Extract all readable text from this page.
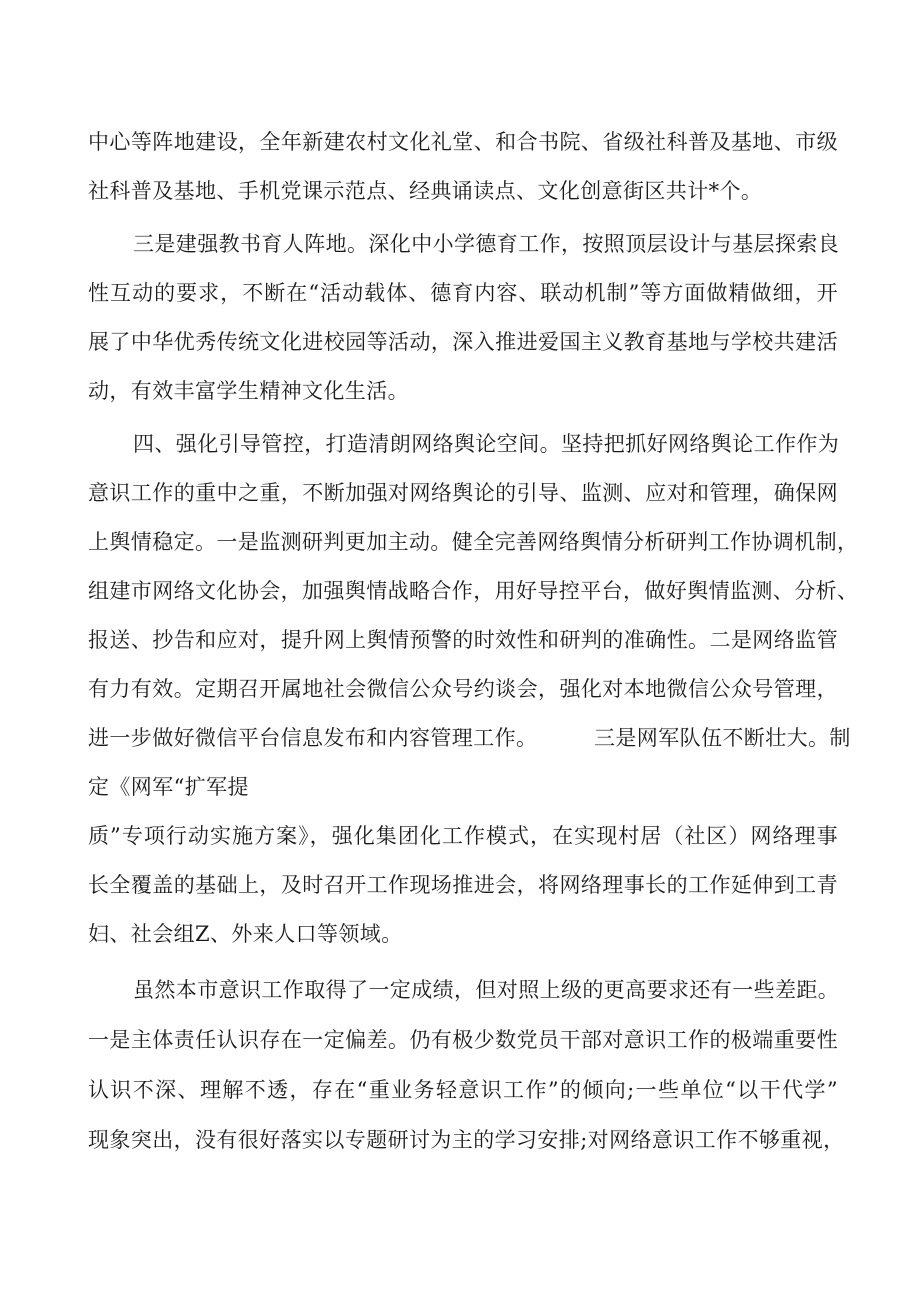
中心等阵地建设，全年新建农村文化礼堂、和合书院、省级社科普及基地、市级

社科普及基地、手机党课示范点、经典诵读点、文化创意街区共计*个。

三是建强教书育人阵地。深化中小学德育工作，按照顶层设计与基层探索良

性互动的要求，不断在“活动载体、德育内容、联动机制”等方面做精做细，开

展了中华优秀传统文化进校园等活动，深入推进爱国主义教育基地与学校共建活

动，有效丰富学生精神文化生活。

四、强化引导管控，打造清朗网络舆论空间。坚持把抓好网络舆论工作作为

意识工作的重中之重，不断加强对网络舆论的引导、监测、应对和管理，确保网

上舆情稳定。一是监测研判更加主动。健全完善网络舆情分析研判工作协调机制，

组建市网络文化协会，加强舆情战略合作，用好导控平台，做好舆情监测、分析、

报送、抄告和应对，提升网上舆情预警的时效性和研判的准确性。二是网络监管

有力有效。定期召开属地社会微信公众号约谈会，强化对本地微信公众号管理，

进一步做好微信平台信息发布和内容管理工作。        三是网军队伍不断壮大。制

定《网军“扩军提

质”专项行动实施方案》，强化集团化工作模式，在实现村居（社区）网络理事

长全覆盖的基础上，及时召开工作现场推进会，将网络理事长的工作延伸到工青

妇、社会组Z、外来人口等领域。

虽然本市意识工作取得了一定成绩，但对照上级的更高要求还有一些差距。

一是主体责任认识存在一定偏差。仍有极少数党员干部对意识工作的极端重要性

认识不深、理解不透，存在“重业务轻意识工作”的倾向;一些单位“以干代学”

现象突出，没有很好落实以专题研讨为主的学习安排;对网络意识工作不够重视，
